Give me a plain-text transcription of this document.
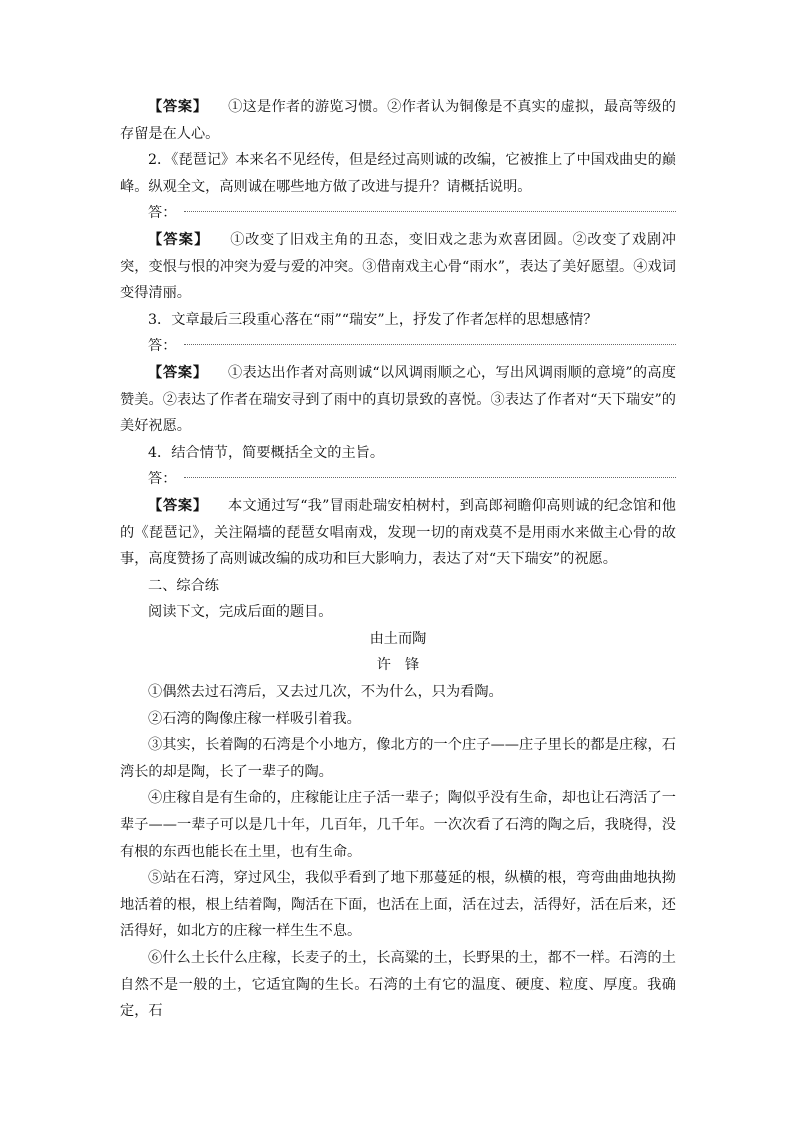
【答案】 ①这是作者的游览习惯。②作者认为铜像是不真实的虚拟，最高等级的存留是在人心。

2．《琵琶记》本来名不见经传，但是经过高则诚的改编，它被推上了中国戏曲史的巅峰。纵观全文，高则诚在哪些地方做了改进与提升？请概括说明。

答：

【答案】 ①改变了旧戏主角的丑态，变旧戏之悲为欢喜团圆。②改变了戏剧冲突，变恨与恨的冲突为爱与爱的冲突。③借南戏主心骨“雨水”，表达了美好愿望。④戏词变得清丽。

3．文章最后三段重心落在“雨”“瑞安”上，抒发了作者怎样的思想感情？

答：

【答案】 ①表达出作者对高则诚“以风调雨顺之心，写出风调雨顺的意境”的高度赞美。②表达了作者在瑞安寻到了雨中的真切景致的喜悦。③表达了作者对“天下瑞安”的美好祝愿。

4．结合情节，简要概括全文的主旨。

答：

【答案】 本文通过写“我”冒雨赴瑞安柏树村，到高郎祠瞻仰高则诚的纪念馆和他的《琵琶记》，关注隔墙的琵琶女唱南戏，发现一切的南戏莫不是用雨水来做主心骨的故事，高度赞扬了高则诚改编的成功和巨大影响力，表达了对“天下瑞安”的祝愿。

二、综合练

阅读下文，完成后面的题目。

由土而陶

许锋

①偶然去过石湾后，又去过几次，不为什么，只为看陶。

②石湾的陶像庄稼一样吸引着我。

③其实，长着陶的石湾是个小地方，像北方的一个庄子——庄子里长的都是庄稼，石湾长的却是陶，长了一辈子的陶。

④庄稼自是有生命的，庄稼能让庄子活一辈子；陶似乎没有生命，却也让石湾活了一辈子——一辈子可以是几十年，几百年，几千年。一次次看了石湾的陶之后，我晓得，没有根的东西也能长在土里，也有生命。

⑤站在石湾，穿过风尘，我似乎看到了地下那蔓延的根，纵横的根，弯弯曲曲地执拗地活着的根，根上结着陶，陶活在下面，也活在上面，活在过去，活得好，活在后来，还活得好，如北方的庄稼一样生生不息。

⑥什么土长什么庄稼，长麦子的土，长高粱的土，长野果的土，都不一样。石湾的土自然不是一般的土，它适宜陶的生长。石湾的土有它的温度、硬度、粒度、厚度。我确定，石
